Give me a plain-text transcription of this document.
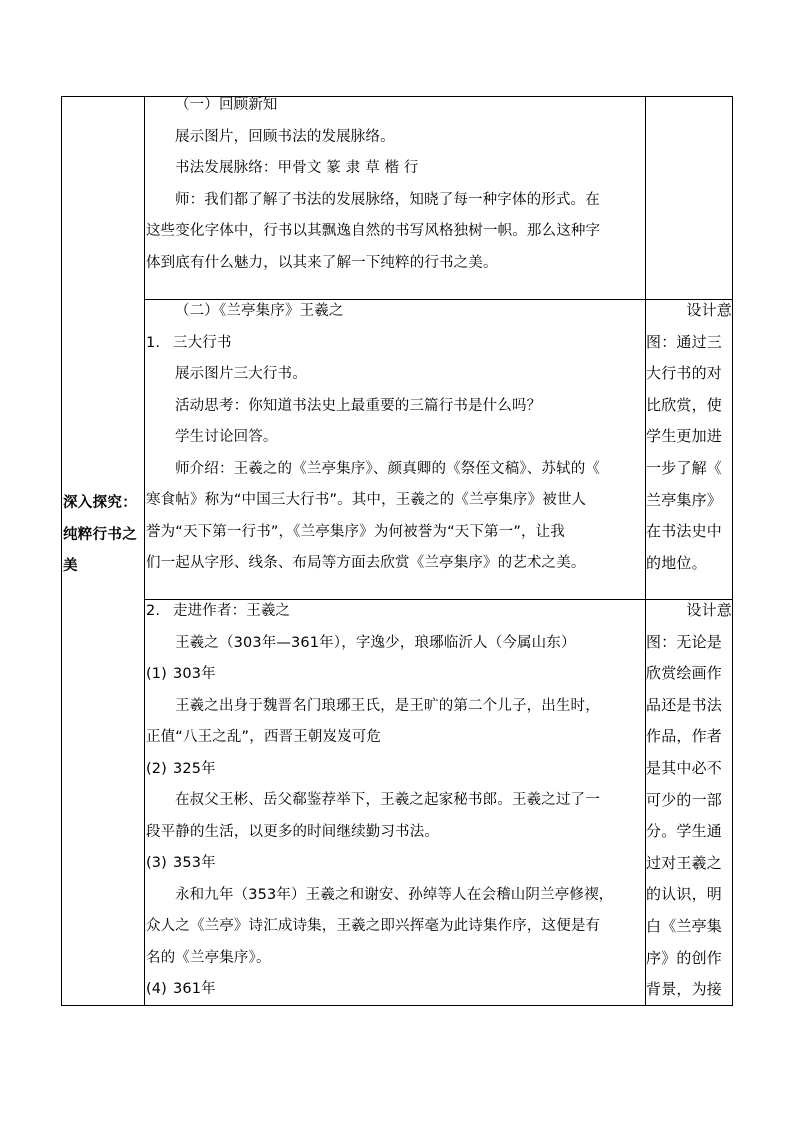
深入探究：

纯粹行书之

美

（一）回顾新知

展示图片，回顾书法的发展脉络。

书法发展脉络：甲骨文 篆 隶 草 楷 行

师：我们都了解了书法的发展脉络，知晓了每一种字体的形式。在

这些变化字体中，行书以其飘逸自然的书写风格独树一帜。那么这种字

体到底有什么魅力，以其来了解一下纯粹的行书之美。

（二）《兰亭集序》王羲之

1. 三大行书

展示图片三大行书。

活动思考：你知道书法史上最重要的三篇行书是什么吗？

学生讨论回答。

师介绍：王羲之的《兰亭集序》、颜真卿的《祭侄文稿》、苏轼的《

寒食帖》称为“中国三大行书”。其中，王羲之的《兰亭集序》被世人

誉为“天下第一行书”，《兰亭集序》为何被誉为“天下第一”，让我

们一起从字形、线条、布局等方面去欣赏《兰亭集序》的艺术之美。

设计意

图：通过三

大行书的对

比欣赏，使

学生更加进

一步了解《

兰亭集序》

在书法史中

的地位。

2. 走进作者：王羲之

王羲之（303年—361年），字逸少，琅琊临沂人（今属山东）

(1) 303年

王羲之出身于魏晋名门琅琊王氏，是王旷的第二个儿子，出生时，

正值“八王之乱”，西晋王朝岌岌可危

(2) 325年

在叔父王彬、岳父郗鉴荐举下，王羲之起家秘书郎。王羲之过了一

段平静的生活，以更多的时间继续勤习书法。

(3) 353年

永和九年（353年）王羲之和谢安、孙绰等人在会稽山阴兰亭修禊，

众人之《兰亭》诗汇成诗集，王羲之即兴挥毫为此诗集作序，这便是有

名的《兰亭集序》。

(4) 361年

设计意

图：无论是

欣赏绘画作

品还是书法

作品，作者

是其中必不

可少的一部

分。学生通

过对王羲之

的认识，明

白《兰亭集

序》的创作

背景，为接
